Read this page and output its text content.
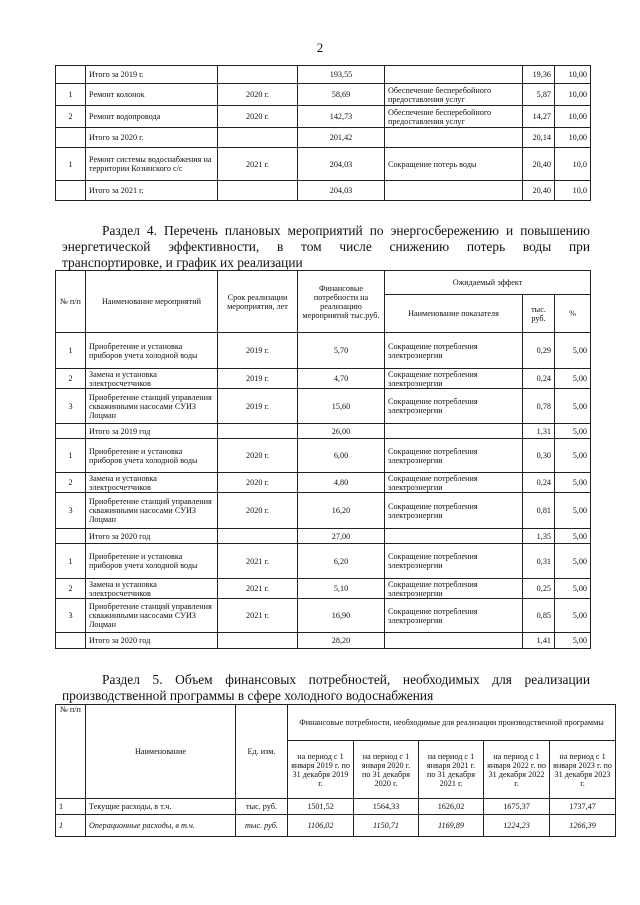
2
	Итого за 2019 г.		193,55		19,36	10,00
1	Ремонт колонок	2020 г.	58,69	Обеспечение бесперебойного предоставления услуг	5,87	10,00
2	Ремонт водопровода	2020 г.	142,73	Обеспечение бесперебойного предоставления услуг	14,27	10,00
	Итого за 2020 г.		201,42		20,14	10,00
1	Ремонт системы водоснабжения на территории Козинского с/с	2021 г.	204,03	Сокращение потерь воды	20,40	10,0
	Итого за 2021 г.		204,03		20,40	10,0
Раздел 4. Перечень плановых мероприятий по энергосбережению и повышению
энергетической эффективности, в том числе снижению потерь воды при
транспортировке, и график их реализации
№ п/п	Наименование мероприятий	Срок реализации мероприятия, лет	Финансовые потребности на реализацию мероприятий тыс.руб.	Ожидаемый эффект		
				Наименование показателя	тыс. руб.	%
1	Приобретение и установка приборов учета холодной воды	2019 г.	5,70	Сокращение потребления электроэнергии	0,29	5,00
2	Замена и установка электросчетчиков	2019 г.	4,70	Сокращение потребления электроэнергии	0,24	5,00
3	Приобретение станций управления скважинными насосами СУИЗ Лоцман	2019 г.	15,60	Сокращение потребления электроэнергии	0,78	5,00
	Итого за 2019 год		26,00		1,31	5,00
1	Приобретение и установка приборов учета холодной воды	2020 г.	6,00	Сокращение потребления электроэнергии	0,30	5,00
2	Замена и установка электросчетчиков	2020 г.	4,80	Сокращение потребления электроэнергии	0,24	5,00
3	Приобретение станций управления скважинными насосами СУИЗ Лоцман	2020 г.	16,20	Сокращение потребления электроэнергии	0,81	5,00
	Итого за 2020 год		27,00		1,35	5,00
1	Приобретение и установка приборов учета холодной воды	2021 г.	6,20	Сокращение потребления электроэнергии	0,31	5,00
2	Замена и установка электросчетчиков	2021 г.	5,10	Сокращение потребления электроэнергии	0,25	5,00
3	Приобретение станций управления скважинными насосами СУИЗ Лоцман	2021 г.	16,90	Сокращение потребления электроэнергии	0,85	5,00
	Итого за 2020 год		28,20		1,41	5,00
Раздел 5. Объем финансовых потребностей, необходимых для реализации
производственной программы в сфере холодного водоснабжения
№ п/п	Наименование	Ед. изм.	Финансовые потребности, необходимые для реализации производственной программы				
			на период с 1 января 2019 г. по 31 декабря 2019 г.	на период с 1 января 2020 г. по 31 декабря 2020 г.	на период с 1 января 2021 г. по 31 декабря 2021 г.	на период с 1 января 2022 г. по 31 декабря 2022 г.	на период с 1 января 2023 г. по 31 декабря 2023 г.
1	Текущие расходы, в т.ч.	тыс. руб.	1501,52	1564,33	1626,02	1675,37	1737,47
1	Операционные расходы, в т.ч.	тыс. руб.	1106,02	1150,71	1169,89	1224,23	1266,39
